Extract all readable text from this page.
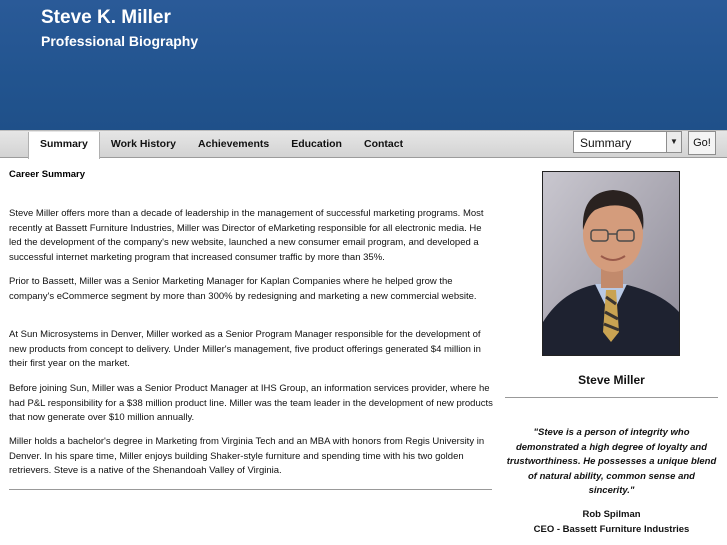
Steve K. Miller
Professional Biography
Summary	Work History	Achievements	Education	Contact	Summary	▼	Go!
Career Summary

Steve Miller offers more than a decade of leadership in the management of successful marketing programs. Most recently at Bassett Furniture Industries, Miller was Director of eMarketing responsible for all electronic media. He led the development of the company's new website, launched a new consumer email program, and developed a successful internet marketing program that increased consumer traffic by more than 35%.

Prior to Bassett, Miller was a Senior Marketing Manager for Kaplan Companies where he helped grow the company's eCommerce segment by more than 300% by redesigning and marketing a new commercial website.

At Sun Microsystems in Denver, Miller worked as a Senior Program Manager responsible for the development of new products from concept to delivery. Under Miller's management, five product offerings generated $4 million in their first year on the market.

Before joining Sun, Miller was a Senior Product Manager at IHS Group, an information services provider, where he had P&L responsibility for a $38 million product line. Miller was the team leader in the development of new products that now generate over $10 million annually.

Miller holds a bachelor's degree in Marketing from Virginia Tech and an MBA with honors from Regis University in Denver. In his spare time, Miller enjoys building Shaker-style furniture and spending time with his two golden retrievers. Steve is a native of the Shenandoah Valley of Virginia.

Steve Miller
"Steve is a person of integrity who demonstrated a high degree of loyalty and trustworthiness. He possesses a unique blend of natural ability, common sense and sincerity."
Rob Spilman
CEO - Bassett Furniture Industries
